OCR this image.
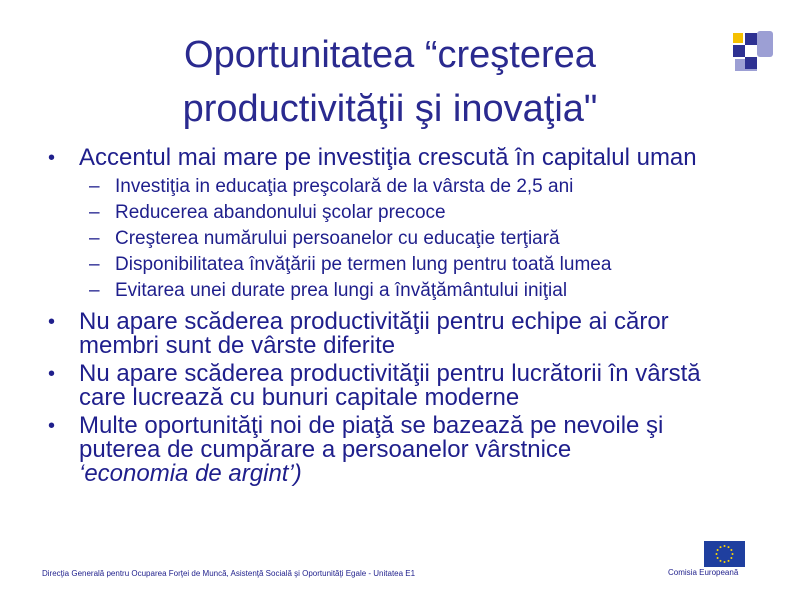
Oportunitatea “creşterea
productivităţii şi inovaţia"
• Accentul mai mare pe investiţia crescută în capitalul uman
– Investiţia in educaţia preşcolară de la vârsta de 2,5 ani
– Reducerea abandonului şcolar precoce
– Creşterea numărului persoanelor cu educaţie terţiară
– Disponibilitatea învăţării pe termen lung pentru toată lumea
– Evitarea unei durate prea lungi a învăţământului iniţial
• Nu apare scăderea productivităţii pentru echipe ai căror membri sunt de vârste diferite
• Nu apare scăderea productivităţii pentru lucrătorii în vârstă care lucrează cu bunuri capitale moderne
• Multe oportunităţi noi de piaţă se bazează pe nevoile şi puterea de cumpărare a persoanelor vârstnice
‘economia de argint’)
Direcţia Generală pentru Ocuparea Forţei de Muncă, Asistenţă Socială şi Oportunităţi Egale - Unitatea E1	Comisia Europeană
